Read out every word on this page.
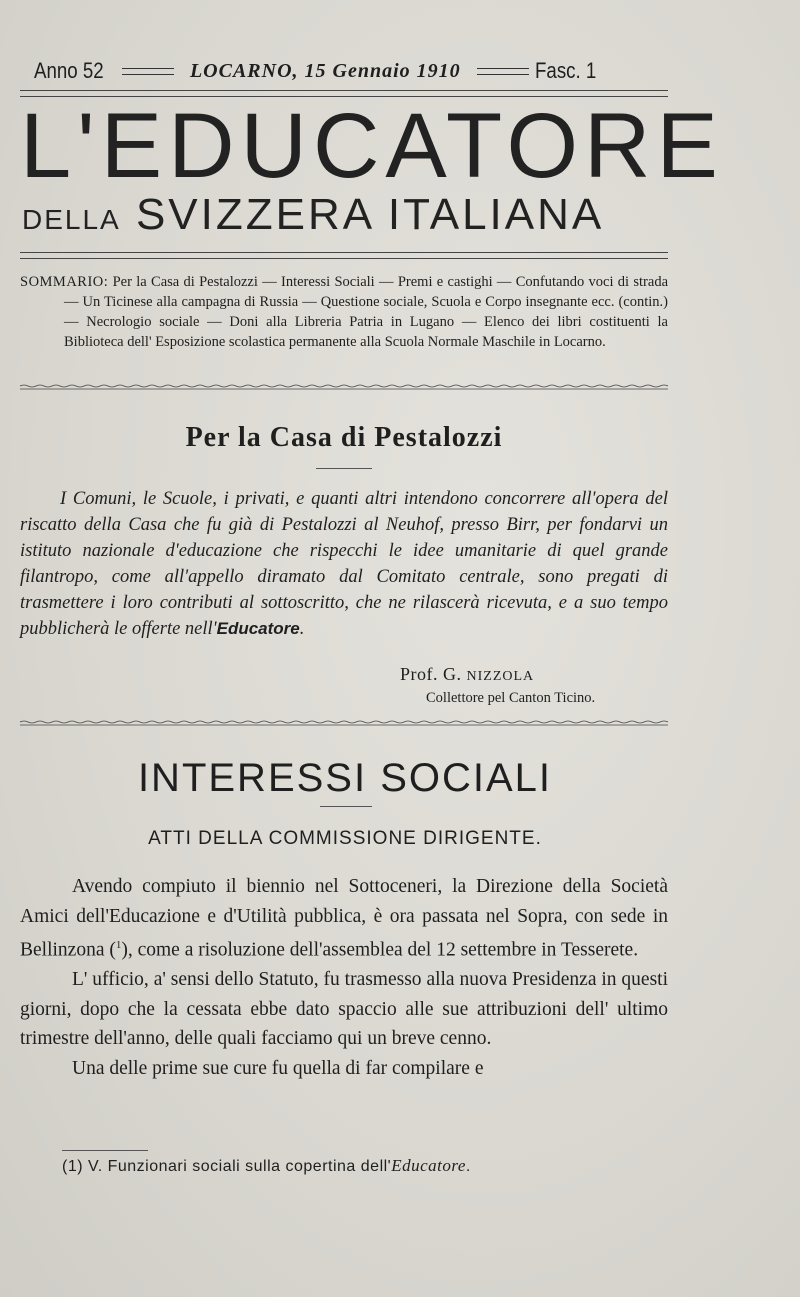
Anno 52	LOCARNO, 15 Gennaio 1910	Fasc. 1
L'EDUCATORE
DELLA SVIZZERA ITALIANA
SOMMARIO: Per la Casa di Pestalozzi — Interessi Sociali — Premi e castighi — Confutando voci di strada — Un Ticinese alla campagna di Russia — Questione sociale, Scuola e Corpo insegnante ecc. (contin.) — Necrologio sociale — Doni alla Libreria Patria in Lugano — Elenco dei libri costituenti la Biblioteca dell' Esposizione scolastica permanente alla Scuola Normale Maschile in Locarno.
Per la Casa di Pestalozzi
I Comuni, le Scuole, i privati, e quanti altri intendono concorrere all'opera del riscatto della Casa che fu già di Pestalozzi al Neuhof, presso Birr, per fondarvi un istituto nazionale d'educazione che rispecchi le idee umanitarie di quel grande filantropo, come all'appello diramato dal Comitato centrale, sono pregati di trasmettere i loro contributi al sottoscritto, che ne rilascerà ricevuta, e a suo tempo pubblicherà le offerte nell'Educatore.
Prof. G. NIZZOLA
Collettore pel Canton Ticino.
INTERESSI SOCIALI
ATTI DELLA COMMISSIONE DIRIGENTE.

Avendo compiuto il biennio nel Sottoceneri, la Direzione della Società Amici dell'Educazione e d'Utilità pubblica, è ora passata nel Sopra, con sede in Bellinzona ($^1$), come a risoluzione dell'assemblea del 12 settembre in Tesserete.

L' ufficio, a' sensi dello Statuto, fu trasmesso alla nuova Presidenza in questi giorni, dopo che la cessata ebbe dato spaccio alle sue attribuzioni dell' ultimo trimestre dell'anno, delle quali facciamo qui un breve cenno.

Una delle prime sue cure fu quella di far compilare e

(1) V. Funzionari sociali sulla copertina dell'Educatore.
